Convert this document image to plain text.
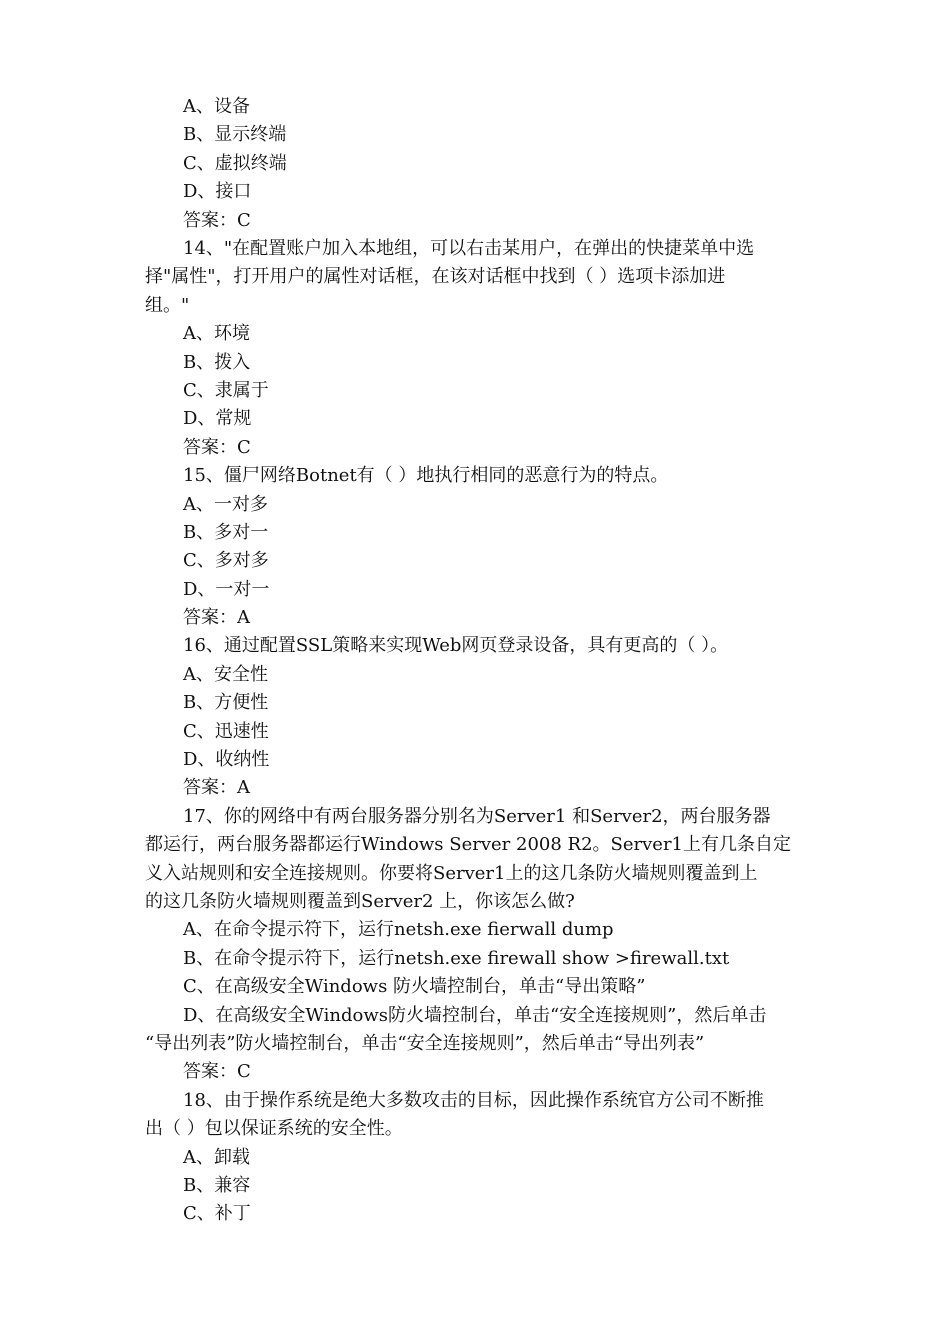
A、设备
B、显示终端
C、虚拟终端
D、接口
答案：C
14、"在配置账户加入本地组，可以右击某用户，在弹出的快捷菜单中选
择"属性"，打开用户的属性对话框，在该对话框中找到（ ）选项卡添加进
组。"
A、环境
B、拨入
C、隶属于
D、常规
答案：C
15、僵尸网络Botnet有（ ）地执行相同的恶意行为的特点。
A、一对多
B、多对一
C、多对多
D、一对一
答案：A
16、通过配置SSL策略来实现Web网页登录设备，具有更高的（ ）。
A、安全性
B、方便性
C、迅速性
D、收纳性
答案：A
17、你的网络中有两台服务器分别名为Server1 和Server2，两台服务器
都运行，两台服务器都运行Windows Server 2008 R2。Server1上有几条自定
义入站规则和安全连接规则。你要将Server1上的这几条防火墙规则覆盖到上
的这几条防火墙规则覆盖到Server2 上，你该怎么做?
A、在命令提示符下，运行netsh.exe fierwall dump
B、在命令提示符下，运行netsh.exe firewall show >firewall.txt
C、在高级安全Windows 防火墙控制台，单击“导出策略”
D、在高级安全Windows防火墙控制台，单击“安全连接规则”，然后单击
“导出列表”防火墙控制台，单击“安全连接规则”，然后单击“导出列表”
答案：C
18、由于操作系统是绝大多数攻击的目标，因此操作系统官方公司不断推
出（ ）包以保证系统的安全性。
A、卸载
B、兼容
C、补丁
